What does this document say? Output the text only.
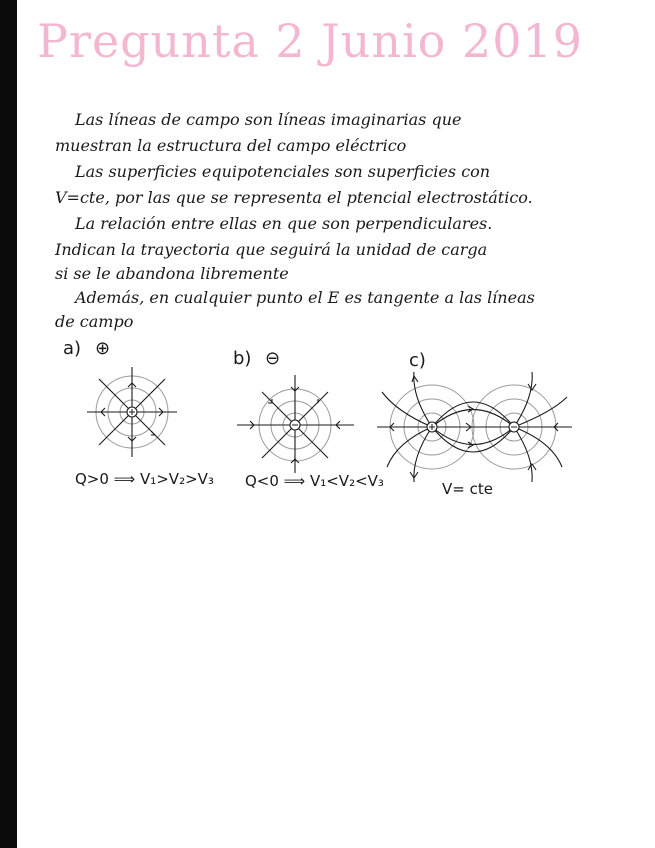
Pregunta 2 Junio 2019
Las líneas de campo son líneas imaginarias que
muestran la estructura del campo eléctrico
Las superficies equipotenciales son superficies con
V=cte, por las que se representa el ptencial electrostático.
La relación entre ellas en que son perpendiculares.
Indican la trayectoria que seguirá la unidad de carga
si se le abandona libremente
Además, en cualquier punto el E es tangente a las líneas
de campo
a) ⊕	b) ⊖	c)
Q>0 ⟹ V₁>V₂>V₃ Q<0 ⟹ V₁<V₂<V₃	V= cte
